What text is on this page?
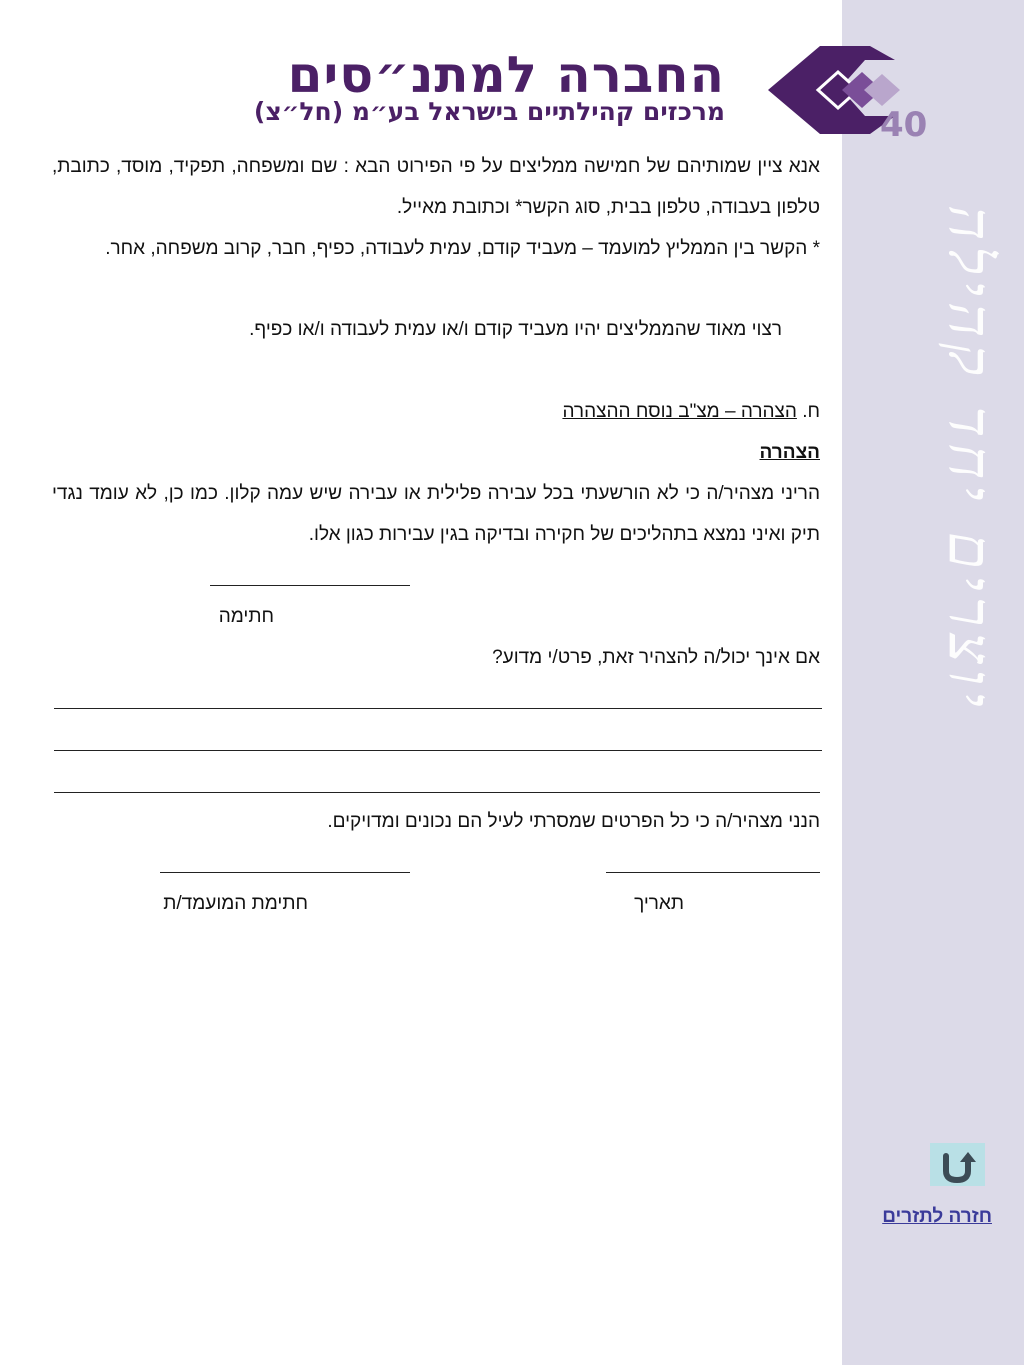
יוצרים יחד קהילה
40
החברה למתנ״סים
מרכזים קהילתיים בישראל בע״מ (חל״צ)

אנא ציין שמותיהם של חמישה ממליצים על פי הפירוט הבא : שם ומשפחה, תפקיד, מוסד, כתובת, טלפון בעבודה, טלפון בבית, סוג הקשר* וכתובת מאייל.

* הקשר בין הממליץ למועמד – מעביד קודם, עמית לעבודה, כפיף, חבר, קרוב משפחה, אחר.

רצוי מאוד שהממליצים יהיו מעביד קודם ו/או עמית לעבודה ו/או כפיף.
ח. הצהרה – מצ"ב נוסח ההצהרה
הצהרה

הריני מצהיר/ה כי לא הורשעתי בכל עבירה פלילית או עבירה שיש עמה קלון. כמו כן, לא עומד נגדי תיק ואיני נמצא בתהליכים של חקירה ובדיקה בגין עבירות כגון אלו.

חתימה
אם אינך יכול/ה להצהיר זאת, פרט/י מדוע?
הנני מצהיר/ה כי כל הפרטים שמסרתי לעיל הם נכונים ומדויקים.
תאריך
חתימת המועמד/ת
חזרה לתזרים
